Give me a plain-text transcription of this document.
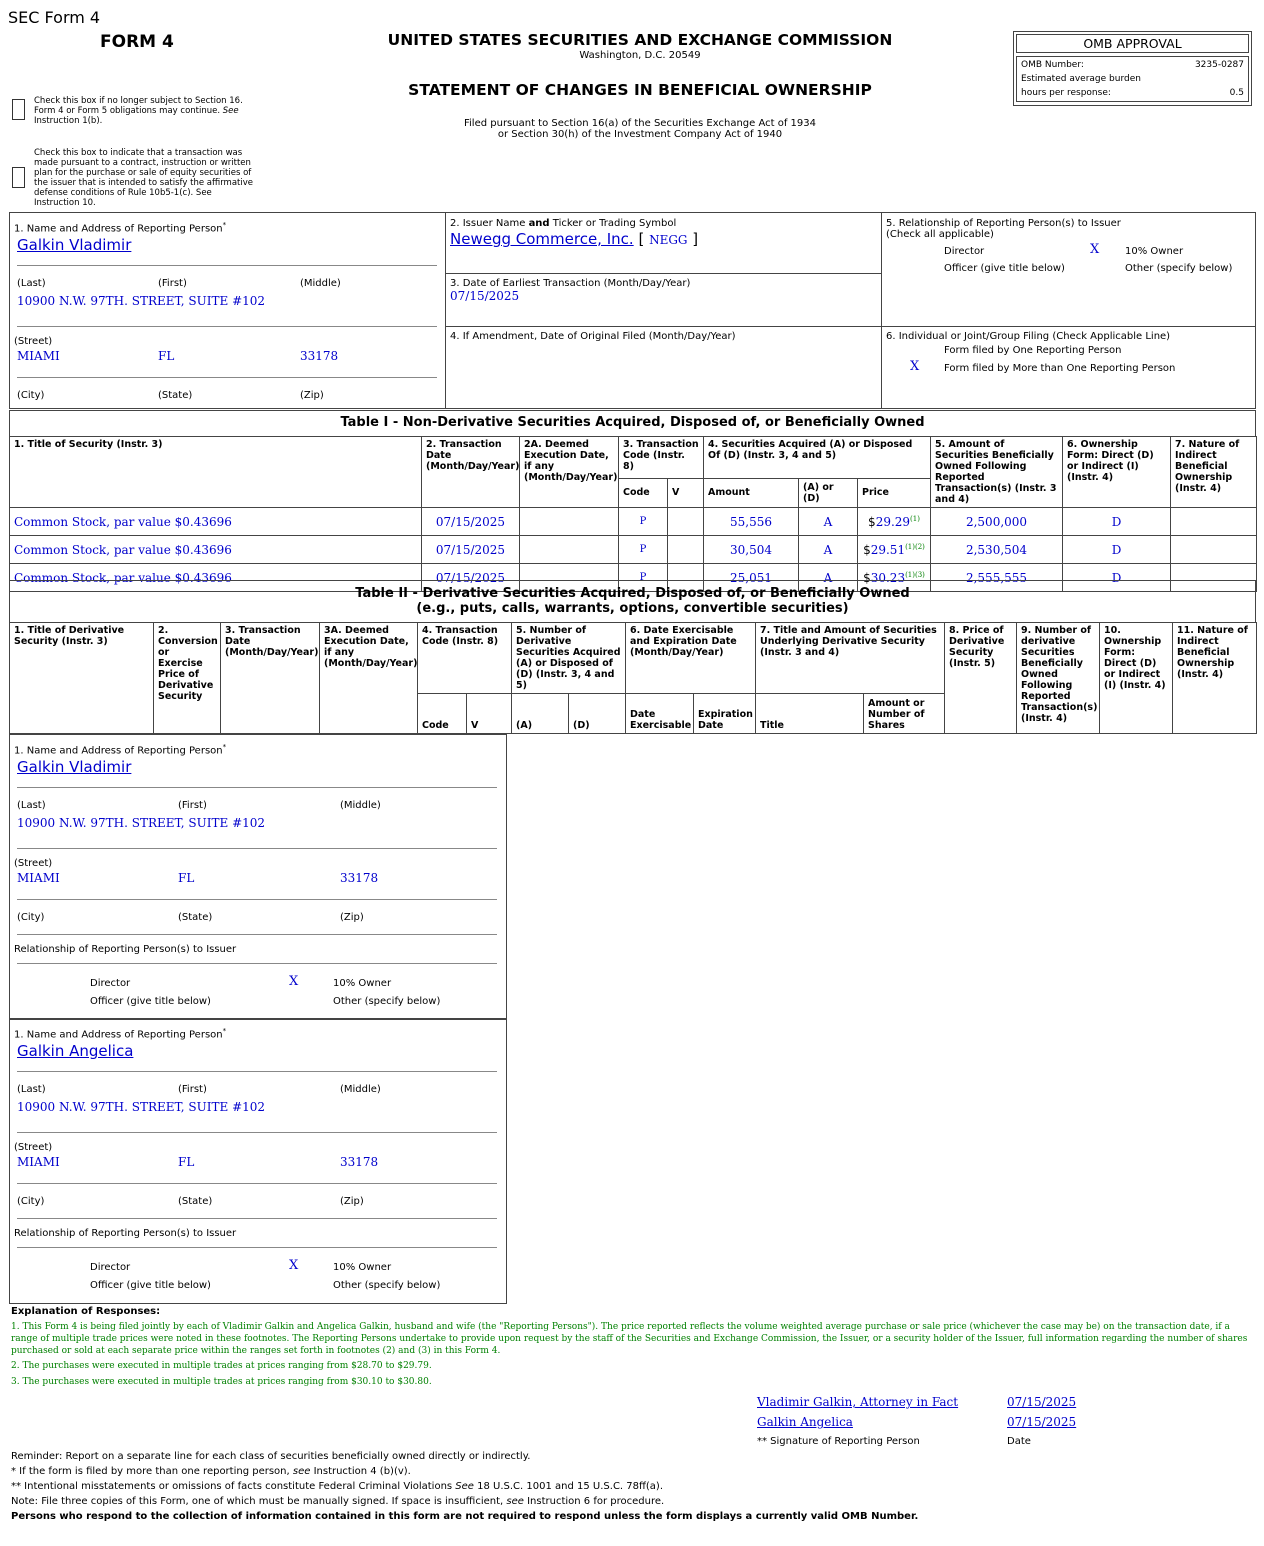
SEC Form 4
FORM 4	UNITED STATES SECURITIES AND EXCHANGE COMMISSION
Washington, D.C. 20549
STATEMENT OF CHANGES IN BENEFICIAL OWNERSHIP
Filed pursuant to Section 16(a) of the Securities Exchange Act of 1934
or Section 30(h) of the Investment Company Act of 1940
OMB APPROVAL
OMB Number:	3235-0287
Estimated average burden
hours per response:	0.5
Check this box if no longer subject to Section 16.
Form 4 or Form 5 obligations may continue. See
Instruction 1(b).
Check this box to indicate that a transaction was
made pursuant to a contract, instruction or written
plan for the purchase or sale of equity securities of
the issuer that is intended to satisfy the affirmative
defense conditions of Rule 10b5-1(c). See
Instruction 10.
1. Name and Address of Reporting Person*
Galkin Vladimir
(Last)	(First)	(Middle)
10900 N.W. 97TH. STREET, SUITE #102
(Street)
MIAMI	FL	33178
(City)	(State)	(Zip)
2. Issuer Name and Ticker or Trading Symbol
Newegg Commerce, Inc. [ NEGG ]
3. Date of Earliest Transaction (Month/Day/Year)
07/15/2025
4. If Amendment, Date of Original Filed (Month/Day/Year)
5. Relationship of Reporting Person(s) to Issuer
(Check all applicable)
Director	X	10% Owner
Officer (give title below)	Other (specify below)
6. Individual or Joint/Group Filing (Check Applicable Line)
Form filed by One Reporting Person
X Form filed by More than One Reporting Person
Table I - Non-Derivative Securities Acquired, Disposed of, or Beneficially Owned
1. Title of Security (Instr. 3)	2. Transaction Date (Month/Day/Year)	2A. Deemed Execution Date, if any (Month/Day/Year)	3. Transaction Code (Instr. 8)		4. Securities Acquired (A) or Disposed Of (D) (Instr. 3, 4 and 5)			5. Amount of Securities Beneficially Owned Following Reported Transaction(s) (Instr. 3 and 4)	6. Ownership Form: Direct (D) or Indirect (I) (Instr. 4)	7. Nature of Indirect Beneficial Ownership (Instr. 4)
			Code	V	Amount	(A) or (D)	Price			
Common Stock, par value $0.43696	07/15/2025		P		55,556	A	$29.29$^{(1)}$	2,500,000	D	
Common Stock, par value $0.43696	07/15/2025		P		30,504	A	$\$29.51^{(1)(2)}$	2,530,504	D	
Common Stock, par value $0.43696	07/15/2025		P		25,051	A	$\$30.23^{(1)(3)}$	2,555,555	D	
Table II - Derivative Securities Acquired, Disposed of, or Beneficially Owned
(e.g., puts, calls, warrants, options, convertible securities)
1. Title of Derivative Security (Instr. 3)	2. Conversion or Exercise Price of Derivative Security	3. Transaction Date (Month/Day/Year)	3A. Deemed Execution Date, if any (Month/Day/Year)	4. Transaction Code (Instr. 8)		5. Number of Derivative Securities Acquired (A) or Disposed of (D) (Instr. 3, 4 and 5)		6. Date Exercisable and Expiration Date (Month/Day/Year)		7. Title and Amount of Securities Underlying Derivative Security (Instr. 3 and 4)		8. Price of Derivative Security (Instr. 5)	9. Number of derivative Securities Beneficially Owned Following Reported Transaction(s) (Instr. 4)	10. Ownership Form: Direct (D) or Indirect (I) (Instr. 4)	11. Nature of Indirect Beneficial Ownership (Instr. 4)
				Code	V	(A)	(D)	Date Exercisable	Expiration Date	Title	Amount or Number of Shares				
1. Name and Address of Reporting Person*
Galkin Vladimir
(Last)	(First)	(Middle)
10900 N.W. 97TH. STREET, SUITE #102
(Street)
MIAMI	FL	33178
(City)	(State)	(Zip)
Relationship of Reporting Person(s) to Issuer
Director	X	10% Owner
Officer (give title below)	Other (specify below)
1. Name and Address of Reporting Person*
Galkin Angelica
(Last)	(First)	(Middle)
10900 N.W. 97TH. STREET, SUITE #102
(Street)
MIAMI	FL	33178
(City)	(State)	(Zip)
Relationship of Reporting Person(s) to Issuer
Director	X	10% Owner
Officer (give title below)	Other (specify below)
Explanation of Responses:
1. This Form 4 is being filed jointly by each of Vladimir Galkin and Angelica Galkin, husband and wife (the "Reporting Persons"). The price reported reflects the volume weighted average purchase or sale price (whichever the case may be) on the transaction date, if a range of multiple trade prices were noted in these footnotes. The Reporting Persons undertake to provide upon request by the staff of the Securities and Exchange Commission, the Issuer, or a security holder of the Issuer, full information regarding the number of shares purchased or sold at each separate price within the ranges set forth in footnotes (2) and (3) in this Form 4.
2. The purchases were executed in multiple trades at prices ranging from $28.70 to $29.79.
3. The purchases were executed in multiple trades at prices ranging from $30.10 to $30.80.
Vladimir Galkin, Attorney in Fact	07/15/2025
Galkin Angelica	07/15/2025
** Signature of Reporting Person	Date
Reminder: Report on a separate line for each class of securities beneficially owned directly or indirectly.
* If the form is filed by more than one reporting person, see Instruction 4 (b)(v).
** Intentional misstatements or omissions of facts constitute Federal Criminal Violations See 18 U.S.C. 1001 and 15 U.S.C. 78ff(a).
Note: File three copies of this Form, one of which must be manually signed. If space is insufficient, see Instruction 6 for procedure.
Persons who respond to the collection of information contained in this form are not required to respond unless the form displays a currently valid OMB Number.
